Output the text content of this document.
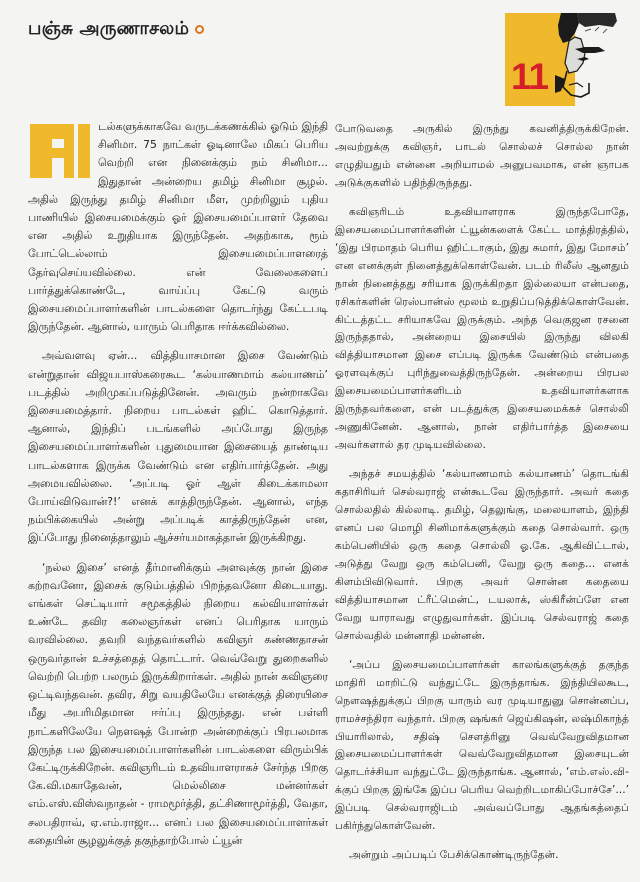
பஞ்சு அருணாசலம்
11

டல்களுக்காகவே வருடக்கணக்கில் ஓடும் இந்தி சினிமா. 75 நாட்கள் ஓடினாலே மிகப் பெரிய வெற்றி என நினைக்கும் நம் சினிமா... இதுதான் அன்றைய தமிழ் சினிமா சூழல். அதில் இருந்து தமிழ் சினிமா மீள, முற்றிலும் புதிய பாணியில் இசையமைக்கும் ஓர் இசையமைப்பாளர் தேவை என அதில் உறுதியாக இருந்தேன். அதற்காக, ரூம் போட்டெல்லாம் இசையமைப்பாளரைத் தேர்வுசெய்யவில்லை. என் வேலைகளைப் பார்த்துக்கொண்டே, வாய்ப்பு கேட்டு வரும் இசையமைப்பாளர்களின் பாடல்களை தொடர்ந்து கேட்டபடி இருந்தேன். ஆனால், யாரும் பெரிதாக ஈர்க்கவில்லை.

அவ்வளவு ஏன்... வித்தியாசமான இசை வேண்டும் என்றுதான் விஜயபாஸ்கரைகூட ‘கல்யாணமாம் கல்யாணம்’ படத்தில் அறிமுகப்படுத்தினேன். அவரும் நன்றாகவே இசையமைத்தார். நிறைய பாடல்கள் ஹிட் கொடுத்தார். ஆனால், இந்திப் படங்களில் அப்போது இருந்த இசையமைப்பாளர்களின் புதுமையான இசையைத் தாண்டிய பாடல்களாக இருக்க வேண்டும் என எதிர்பார்த்தேன். அது அமையவில்லை. ‘அப்படி ஓர் ஆள் கிடைக்காமலா போய்விடுவான்?!’ எனக் காத்திருந்தேன். ஆனால், எந்த நம்பிக்கையில் அன்று அப்படிக் காத்திருந்தேன் என, இப்போது நினைத்தாலும் ஆச்சர்யமாகத்தான் இருக்கிறது.

‘நல்ல இசை’ எனத் தீர்மானிக்கும் அளவுக்கு நான் இசை கற்றவனோ, இசைக் குடும்பத்தில் பிறந்தவனோ கிடையாது. எங்கள் செட்டியார் சமூகத்தில் நிறைய கல்வியாளர்கள் உண்டே தவிர கலைஞர்கள் எனப் பெரிதாக யாரும் வரவில்லை. தவறி வந்தவர்களில் கவிஞர் கண்ணதாசன் ஒருவர்தான் உச்சத்தைத் தொட்டார். வெவ்வேறு துறைகளில் வெற்றி பெற்ற பலரும் இருக்கிறார்கள். அதில் நான் கவிஞரை ஒட்டிவந்தவன். தவிர, சிறு வயதிலேயே எனக்குத் திரையிசை மீது அபரிமிதமான ஈர்ப்பு இருந்தது. என் பள்ளி நாட்களிலேயே நௌஷத் போன்ற அன்றைக்குப் பிரபலமாக இருந்த பல இசையமைப்பாளர்களின் பாடல்களை விரும்பிக் கேட்டிருக்கிறேன். கவிஞரிடம் உதவியாளராகச் சேர்ந்த பிறகு கே.வி.மகாதேவன், மெல்லிசை மன்னர்கள் எம்.எஸ்.விஸ்வநாதன் - ராமமூர்த்தி, தட்சிணாமூர்த்தி, வேதா, சலபதிராவ், ஏ.எம்.ராஜா... எனப் பல இசையமைப்பாளர்கள் கதையின் சூழலுக்குத் தகுந்தாற்போல் ட்யூன்

போடுவதை அருகில் இருந்து கவனித்திருக்கிறேன். அவற்றுக்கு கவிஞர், பாடல் சொல்லச் சொல்ல நான் எழுதியதும் என்னை அறியாமல் அனுபவமாக, என் ஞாபக அடுக்குகளில் பதிந்திருந்தது.

கவிஞரிடம் உதவியாளராக இருந்தபோதே, இசையமைப்பாளர்களின் ட்யூன்களைக் கேட்ட மாத்திரத்தில், ‘இது பிரமாதம் பெரிய ஹிட்டாகும், இது சுமார், இது மோசம்’ என எனக்குள் நினைத்துக்கொள்வேன். படம் ரிலீஸ் ஆனதும் நான் நினைத்தது சரியாக இருக்கிறதா இல்லையா என்பதை, ரசிகர்களின் ரெஸ்பான்ஸ் மூலம் உறுதிப்படுத்திக்கொள்வேன். கிட்டத்தட்ட சரியாகவே இருக்கும். அந்த வெகுஜன ரசனை இருந்ததால், அன்றைய இசையில் இருந்து விலகி வித்தியாசமான இசை எப்படி இருக்க வேண்டும் என்பதை ஓரளவுக்குப் புரிந்துவைத்திருந்தேன். அன்றைய பிரபல இசையமைப்பாளர்களிடம் உதவியாளர்களாக இருந்தவர்களை, என் படத்துக்கு இசையமைக்கச் சொல்லி அணுகினேன். ஆனால், நான் எதிர்பார்த்த இசையை அவர்களால் தர முடியவில்லை.

அந்தச் சமயத்தில் ‘கல்யாணமாம் கல்யாணம்’ தொடங்கி கதாசிரியர் செல்வராஜ் என்கூடவே இருந்தார். அவர் கதை சொல்லதில் கில்லாடி. தமிழ், தெலுங்கு, மலையாளம், இந்தி எனப் பல மொழி சினிமாக்களுக்கும் கதை சொல்வார். ஒரு கம்பெனியில் ஒரு கதை சொல்லி ஓ.கே. ஆகிவிட்டால், அடுத்து வேறு ஒரு கம்பெனி, வேறு ஒரு கதை... எனக் கிளம்பிவிடுவார். பிறகு அவர் சொன்ன கதையை வித்தியாசமான ட்ரீட்மென்ட், டயலாக், ஸ்கிரீன்ப்ளே என வேறு யாராவது எழுதுவார்கள். இப்படி செல்வராஜ் கதை சொல்வதில் மன்னாதி மன்னன்.

‘அப்ப இசையமைப்பாளர்கள் காலங்களுக்குத் தகுந்த மாதிரி மாறிட்டு வந்துட்டே இருந்தாங்க. இந்தியிலகூட, நௌஷத்துக்குப் பிறகு யாரும் வர முடியாதுனு சொன்னப்ப, ராமச்சந்திரா வந்தார். பிறகு ஷங்கர் ஜெய்கிஷன், லஷ்மிகாந்த் பியாரிலால், சதிஷ் சௌத்ரினு வெவ்வேறுவிதமான இசையமைப்பாளர்கள் வெவ்வேறுவிதமான இசையுடன் தொடர்ச்சியா வந்துட்டே இருந்தாங்க. ஆனால், ‘எம்.எஸ்.வி-க்குப் பிறகு இங்கே இப்ப பெரிய வெற்றிடமாகிப்போச்சே’...’ இப்படி செல்வராஜிடம் அவ்வப்போது ஆதங்கத்தைப் பகிர்ந்துகொள்வேன்.

அன்றும் அப்படிப் பேசிக்கொண்டிருந்தேன்.
